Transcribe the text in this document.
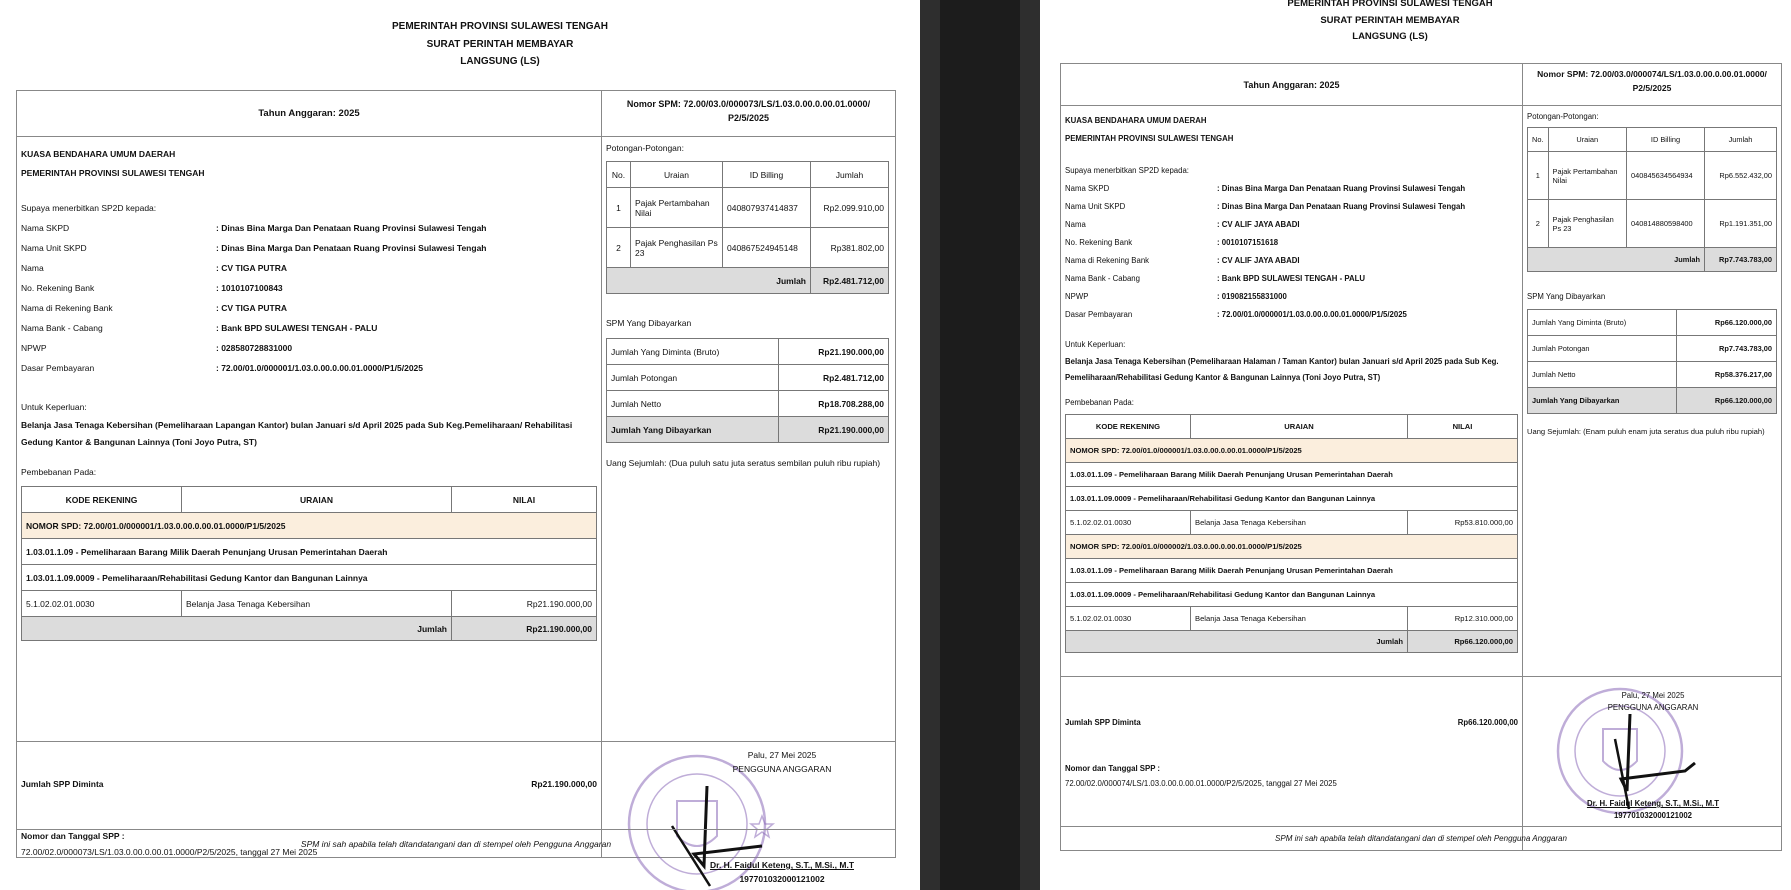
PEMERINTAH PROVINSI SULAWESI TENGAH
SURAT PERINTAH MEMBAYAR
LANGSUNG (LS)
Tahun Anggaran: 2025
KUASA BENDAHARA UMUM DAERAH
PEMERINTAH PROVINSI SULAWESI TENGAH
Supaya menerbitkan SP2D kepada:
Nama SKPD	: Dinas Bina Marga Dan Penataan Ruang Provinsi Sulawesi Tengah
Nama Unit SKPD	: Dinas Bina Marga Dan Penataan Ruang Provinsi Sulawesi Tengah
Nama	: CV TIGA PUTRA
No. Rekening Bank	: 1010107100843
Nama di Rekening Bank	: CV TIGA PUTRA
Nama Bank - Cabang	: Bank BPD SULAWESI TENGAH - PALU
NPWP	: 028580728831000
Dasar Pembayaran	: 72.00/01.0/000001/1.03.0.00.0.00.01.0000/P1/5/2025
Untuk Keperluan:
Belanja Jasa Tenaga Kebersihan (Pemeliharaan Lapangan Kantor) bulan Januari s/d April 2025 pada Sub Keg.Pemeliharaan/ Rehabilitasi Gedung Kantor & Bangunan Lainnya (Toni Joyo Putra, ST)
Pembebanan Pada:
KODE REKENING	URAIAN	NILAI
NOMOR SPD: 72.00/01.0/000001/1.03.0.00.0.00.01.0000/P1/5/2025		
1.03.01.1.09 - Pemeliharaan Barang Milik Daerah Penunjang Urusan Pemerintahan Daerah		
1.03.01.1.09.0009 - Pemeliharaan/Rehabilitasi Gedung Kantor dan Bangunan Lainnya		
5.1.02.02.01.0030	Belanja Jasa Tenaga Kebersihan	Rp21.190.000,00
Jumlah		Rp21.190.000,00
Jumlah SPP Diminta	Rp21.190.000,00
Nomor dan Tanggal SPP :
72.00/02.0/000073/LS/1.03.0.00.0.00.01.0000/P2/5/2025, tanggal 27 Mei 2025
Nomor SPM: 72.00/03.0/000073/LS/1.03.0.00.0.00.01.0000/
P2/5/2025
Potongan-Potongan:
No.	Uraian	ID Billing	Jumlah
1	Pajak Pertambahan Nilai	040807937414837	Rp2.099.910,00
2	Pajak Penghasilan Ps 23	040867524945148	Rp381.802,00
Jumlah			Rp2.481.712,00
SPM Yang Dibayarkan
Jumlah Yang Diminta (Bruto)	Rp21.190.000,00
Jumlah Potongan	Rp2.481.712,00
Jumlah Netto	Rp18.708.288,00
Jumlah Yang Dibayarkan	Rp21.190.000,00
Uang Sejumlah: (Dua puluh satu juta seratus sembilan puluh ribu rupiah)
Palu, 27 Mei 2025
PENGGUNA ANGGARAN
Dr. H. Faidul Keteng, S.T., M.Si., M.T
197701032000121002
SPM ini sah apabila telah ditandatangani dan di stempel oleh Pengguna Anggaran
PEMERINTAH PROVINSI SULAWESI TENGAH
SURAT PERINTAH MEMBAYAR
LANGSUNG (LS)
Tahun Anggaran: 2025
KUASA BENDAHARA UMUM DAERAH
PEMERINTAH PROVINSI SULAWESI TENGAH
Supaya menerbitkan SP2D kepada:
Nama SKPD	: Dinas Bina Marga Dan Penataan Ruang Provinsi Sulawesi Tengah
Nama Unit SKPD	: Dinas Bina Marga Dan Penataan Ruang Provinsi Sulawesi Tengah
Nama	: CV ALIF JAYA ABADI
No. Rekening Bank	: 0010107151618
Nama di Rekening Bank	: CV ALIF JAYA ABADI
Nama Bank - Cabang	: Bank BPD SULAWESI TENGAH - PALU
NPWP	: 019082155831000
Dasar Pembayaran	: 72.00/01.0/000001/1.03.0.00.0.00.01.0000/P1/5/2025
Untuk Keperluan:
Belanja Jasa Tenaga Kebersihan (Pemeliharaan Halaman / Taman Kantor) bulan Januari s/d April 2025 pada Sub Keg. Pemeliharaan/Rehabilitasi Gedung Kantor & Bangunan Lainnya (Toni Joyo Putra, ST)
Pembebanan Pada:
KODE REKENING	URAIAN	NILAI
NOMOR SPD: 72.00/01.0/000001/1.03.0.00.0.00.01.0000/P1/5/2025		
1.03.01.1.09 - Pemeliharaan Barang Milik Daerah Penunjang Urusan Pemerintahan Daerah		
1.03.01.1.09.0009 - Pemeliharaan/Rehabilitasi Gedung Kantor dan Bangunan Lainnya		
5.1.02.02.01.0030	Belanja Jasa Tenaga Kebersihan	Rp53.810.000,00
NOMOR SPD: 72.00/01.0/000002/1.03.0.00.0.00.01.0000/P1/5/2025		
1.03.01.1.09 - Pemeliharaan Barang Milik Daerah Penunjang Urusan Pemerintahan Daerah		
1.03.01.1.09.0009 - Pemeliharaan/Rehabilitasi Gedung Kantor dan Bangunan Lainnya		
5.1.02.02.01.0030	Belanja Jasa Tenaga Kebersihan	Rp12.310.000,00
Jumlah		Rp66.120.000,00
Jumlah SPP Diminta	Rp66.120.000,00
Nomor dan Tanggal SPP :
72.00/02.0/000074/LS/1.03.0.00.0.00.01.0000/P2/5/2025, tanggal 27 Mei 2025
Nomor SPM: 72.00/03.0/000074/LS/1.03.0.00.0.00.01.0000/
P2/5/2025
Potongan-Potongan:
No.	Uraian	ID Billing	Jumlah
1	Pajak Pertambahan Nilai	040845634564934	Rp6.552.432,00
2	Pajak Penghasilan Ps 23	040814880598400	Rp1.191.351,00
Jumlah			Rp7.743.783,00
SPM Yang Dibayarkan
Jumlah Yang Diminta (Bruto)	Rp66.120.000,00
Jumlah Potongan	Rp7.743.783,00
Jumlah Netto	Rp58.376.217,00
Jumlah Yang Dibayarkan	Rp66.120.000,00
Uang Sejumlah: (Enam puluh enam juta seratus dua puluh ribu rupiah)
Palu, 27 Mei 2025
PENGGUNA ANGGARAN
Dr. H. Faidul Keteng, S.T., M.Si., M.T
197701032000121002
SPM ini sah apabila telah ditandatangani dan di stempel oleh Pengguna Anggaran
